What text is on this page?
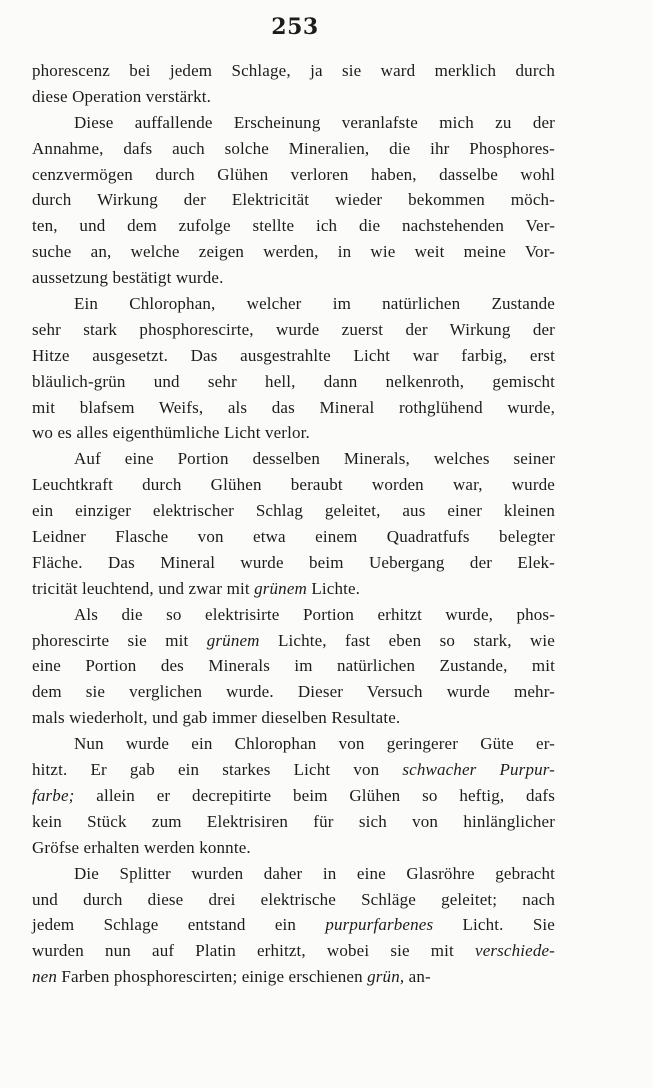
253
phorescenz bei jedem Schlage, ja sie ward merklich durch
diese Operation verstärkt.
Diese auffallende Erscheinung veranlafste mich zu der
Annahme, dafs auch solche Mineralien, die ihr Phosphores-
cenzvermögen durch Glühen verloren haben, dasselbe wohl
durch Wirkung der Elektricität wieder bekommen möch-
ten, und dem zufolge stellte ich die nachstehenden Ver-
suche an, welche zeigen werden, in wie weit meine Vor-
aussetzung bestätigt wurde.
Ein Chlorophan, welcher im natürlichen Zustande
sehr stark phosphorescirte, wurde zuerst der Wirkung der
Hitze ausgesetzt. Das ausgestrahlte Licht war farbig, erst
bläulich-grün und sehr hell, dann nelkenroth, gemischt
mit blafsem Weifs, als das Mineral rothglühend wurde,
wo es alles eigenthümliche Licht verlor.
Auf eine Portion desselben Minerals, welches seiner
Leuchtkraft durch Glühen beraubt worden war, wurde
ein einziger elektrischer Schlag geleitet, aus einer kleinen
Leidner Flasche von etwa einem Quadratfufs belegter
Fläche. Das Mineral wurde beim Uebergang der Elek-
tricität leuchtend, und zwar mit grünem Lichte.
Als die so elektrisirte Portion erhitzt wurde, phos-
phorescirte sie mit grünem Lichte, fast eben so stark, wie
eine Portion des Minerals im natürlichen Zustande, mit
dem sie verglichen wurde. Dieser Versuch wurde mehr-
mals wiederholt, und gab immer dieselben Resultate.
Nun wurde ein Chlorophan von geringerer Güte er-
hitzt. Er gab ein starkes Licht von schwacher Purpur-
farbe; allein er decrepitirte beim Glühen so heftig, dafs
kein Stück zum Elektrisiren für sich von hinlänglicher
Gröfse erhalten werden konnte.
Die Splitter wurden daher in eine Glasröhre gebracht
und durch diese drei elektrische Schläge geleitet; nach
jedem Schlage entstand ein purpurfarbenes Licht. Sie
wurden nun auf Platin erhitzt, wobei sie mit verschiede-
nen Farben phosphorescirten; einige erschienen grün, an-
